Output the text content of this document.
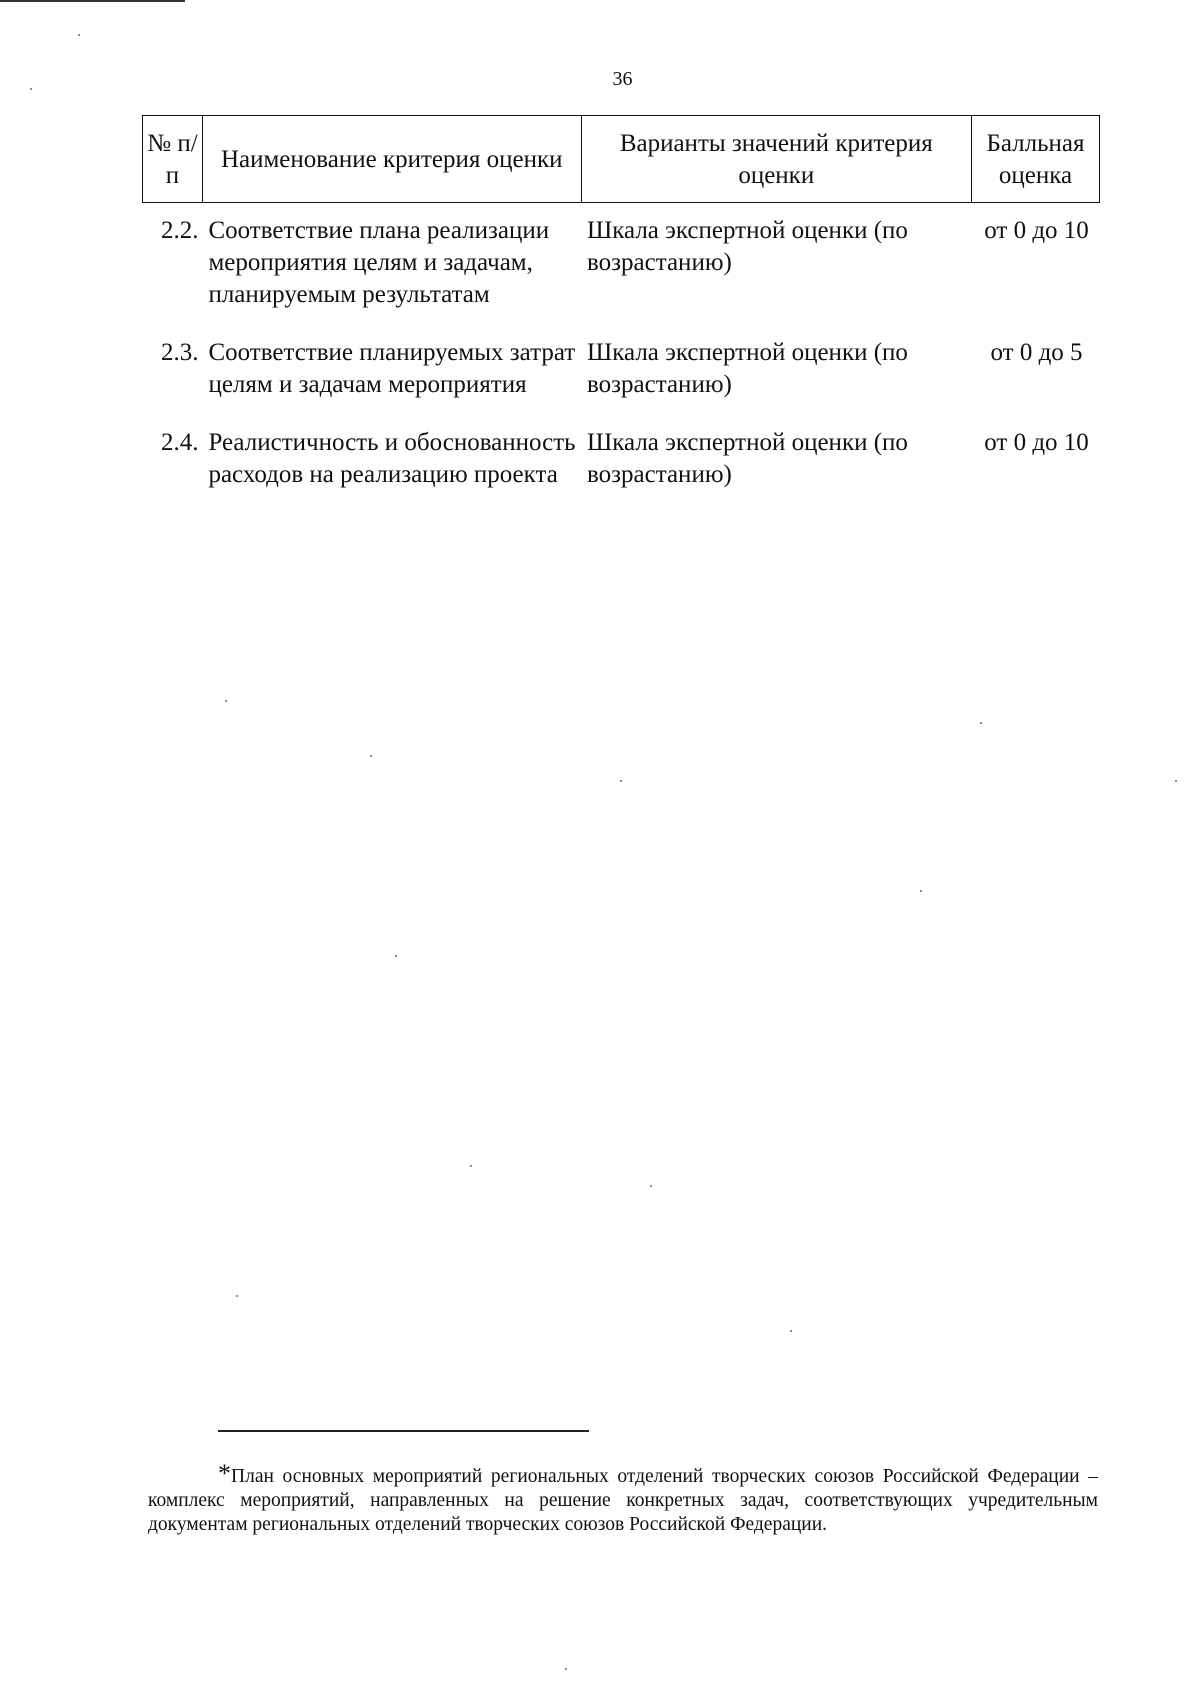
36
№ п/п	Наименование критерия оценки	Варианты значений критерия оценки	Балльная оценка
2.2.	Соответствие плана реализации мероприятия целям и задачам, планируемым результатам	Шкала экспертной оценки (по возрастанию)	от 0 до 10
2.3.	Соответствие планируемых затрат целям и задачам мероприятия	Шкала экспертной оценки (по возрастанию)	от 0 до 5
2.4.	Реалистичность и обоснованность расходов на реализацию проекта	Шкала экспертной оценки (по возрастанию)	от 0 до 10
*План основных мероприятий региональных отделений творческих союзов Российской Федерации – комплекс мероприятий, направленных на решение конкретных задач, соответствующих учредительным документам региональных отделений творческих союзов Российской Федерации.
